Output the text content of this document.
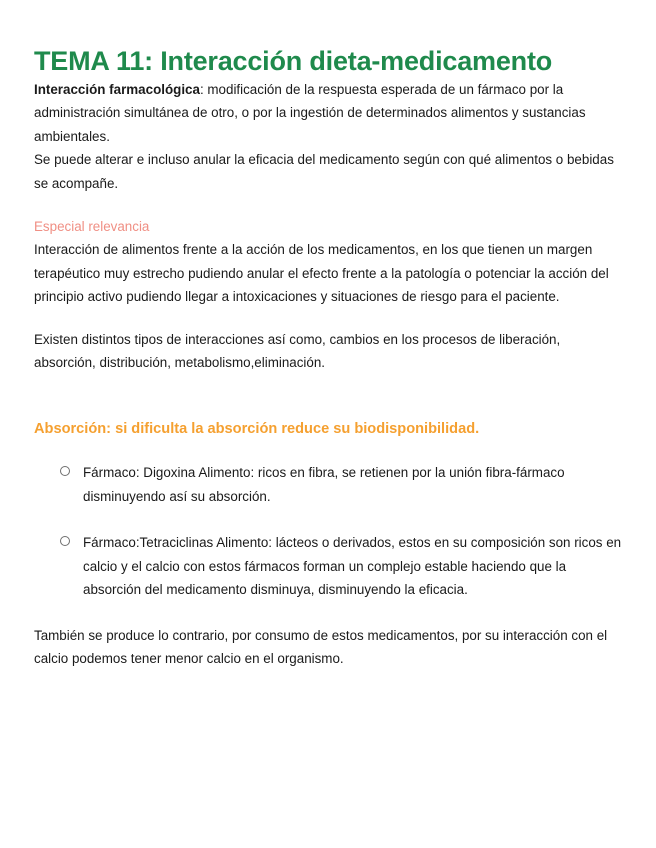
TEMA 11: Interacción dieta-medicamento

Interacción farmacológica: modificación de la respuesta esperada de un fármaco por la administración simultánea de otro, o por la ingestión de determinados alimentos y sustancias ambientales.

Se puede alterar e incluso anular la eficacia del medicamento según con qué alimentos o bebidas se acompañe.

Especial relevancia

Interacción de alimentos frente a la acción de los medicamentos, en los que tienen un margen terapéutico muy estrecho pudiendo anular el efecto frente a la patología o potenciar la acción del principio activo pudiendo llegar a intoxicaciones y situaciones de riesgo para el paciente.

Existen distintos tipos de interacciones así como, cambios en los procesos de liberación, absorción, distribución, metabolismo,eliminación.

Absorción: si dificulta la absorción reduce su biodisponibilidad.
Fármaco: Digoxina Alimento: ricos en fibra, se retienen por la unión fibra-fármaco disminuyendo así su absorción.
Fármaco:Tetraciclinas Alimento: lácteos o derivados, estos en su composición son ricos en calcio y el calcio con estos fármacos forman un complejo estable haciendo que la absorción del medicamento disminuya, disminuyendo la eficacia.

También se produce lo contrario, por consumo de estos medicamentos, por su interacción con el calcio podemos tener menor calcio en el organismo.
